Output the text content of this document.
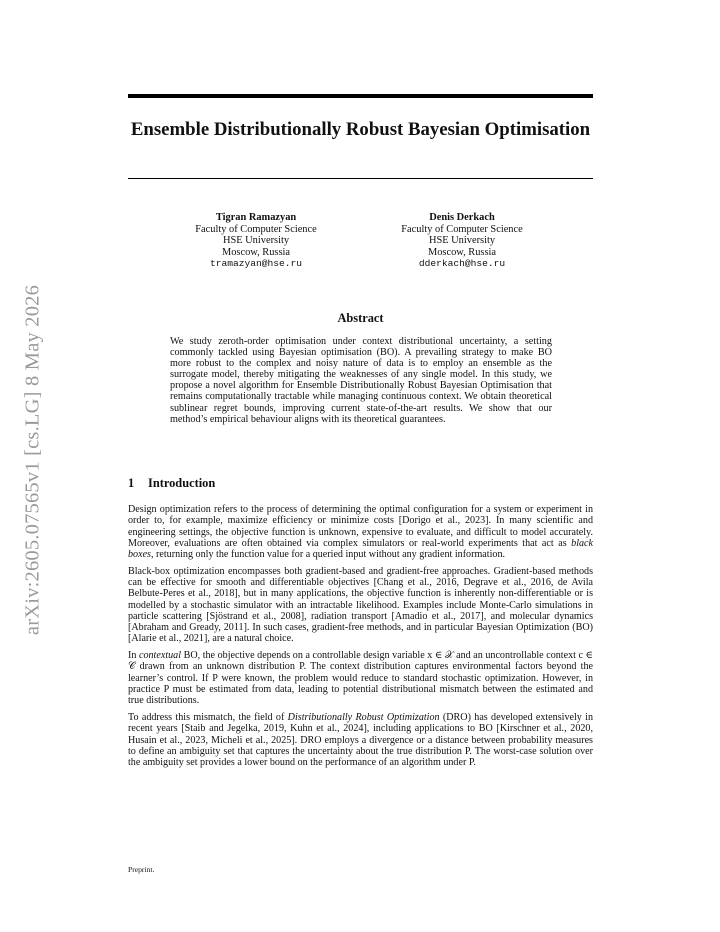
arXiv:2605.07565v1 [cs.LG] 8 May 2026
Ensemble Distributionally Robust Bayesian Optimisation
Tigran Ramazyan
Faculty of Computer Science
HSE University
Moscow, Russia
tramazyan@hse.ru
Denis Derkach
Faculty of Computer Science
HSE University
Moscow, Russia
dderkach@hse.ru
Abstract

We study zeroth-order optimisation under context distributional uncertainty, a setting commonly tackled using Bayesian optimisation (BO). A prevailing strategy to make BO more robust to the complex and noisy nature of data is to employ an ensemble as the surrogate model, thereby mitigating the weaknesses of any single model. In this study, we propose a novel algorithm for Ensemble Distributionally Robust Bayesian Optimisation that remains computationally tractable while managing continuous context. We obtain theoretical sublinear regret bounds, improving current state-of-the-art results. We show that our method’s empirical behaviour aligns with its theoretical guarantees.

1 Introduction

Design optimization refers to the process of determining the optimal configuration for a system or experiment in order to, for example, maximize efficiency or minimize costs [Dorigo et al., 2023]. In many scientific and engineering settings, the objective function is unknown, expensive to evaluate, and difficult to model accurately. Moreover, evaluations are often obtained via complex simulators or real-world experiments that act as black boxes, returning only the function value for a queried input without any gradient information.

Black-box optimization encompasses both gradient-based and gradient-free approaches. Gradient-based methods can be effective for smooth and differentiable objectives [Chang et al., 2016, Degrave et al., 2016, de Avila Belbute-Peres et al., 2018], but in many applications, the objective function is inherently non-differentiable or is modelled by a stochastic simulator with an intractable likelihood. Examples include Monte-Carlo simulations in particle scattering [Sjöstrand et al., 2008], radiation transport [Amadio et al., 2017], and molecular dynamics [Abraham and Gready, 2011]. In such cases, gradient-free methods, and in particular Bayesian Optimization (BO) [Alarie et al., 2021], are a natural choice.

In contextual BO, the objective depends on a controllable design variable x ∈ 𝒳 and an uncontrollable context c ∈ 𝒞 drawn from an unknown distribution P. The context distribution captures environmental factors beyond the learner’s control. If P were known, the problem would reduce to standard stochastic optimization. However, in practice P must be estimated from data, leading to potential distributional mismatch between the estimated and true distributions.

To address this mismatch, the field of Distributionally Robust Optimization (DRO) has developed extensively in recent years [Staib and Jegelka, 2019, Kuhn et al., 2024], including applications to BO [Kirschner et al., 2020, Husain et al., 2023, Micheli et al., 2025]. DRO employs a divergence or a distance between probability measures to define an ambiguity set that captures the uncertainty about the true distribution P. The worst-case solution over the ambiguity set provides a lower bound on the performance of an algorithm under P.

Preprint.
